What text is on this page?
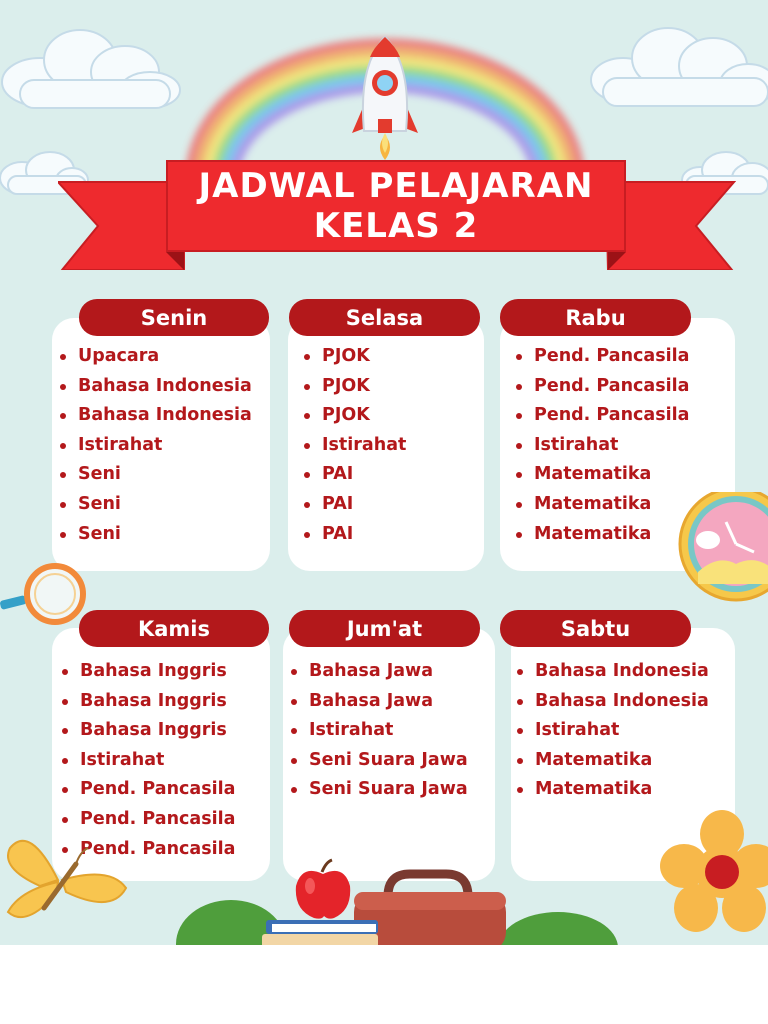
JADWAL PELAJARAN
KELAS 2
Senin
Upacara
Bahasa Indonesia
Bahasa Indonesia
Istirahat
Seni
Seni
Seni
Selasa
PJOK
PJOK
PJOK
Istirahat
PAI
PAI
PAI
Rabu
Pend. Pancasila
Pend. Pancasila
Pend. Pancasila
Istirahat
Matematika
Matematika
Matematika
Kamis
Bahasa Inggris
Bahasa Inggris
Bahasa Inggris
Istirahat
Pend. Pancasila
Pend. Pancasila
Pend. Pancasila
Jum'at
Bahasa Jawa
Bahasa Jawa
Istirahat
Seni Suara Jawa
Seni Suara Jawa
Sabtu
Bahasa Indonesia
Bahasa Indonesia
Istirahat
Matematika
Matematika
